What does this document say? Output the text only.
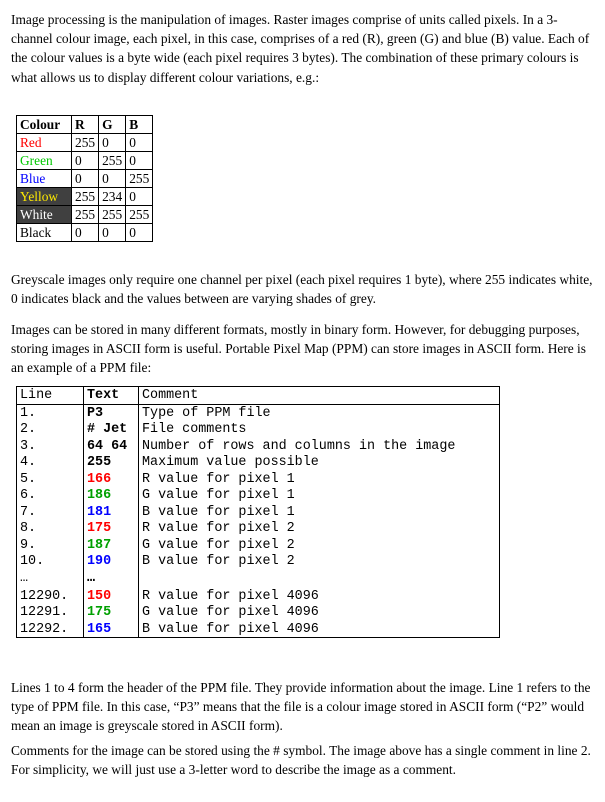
Image processing is the manipulation of images. Raster images comprise of units called pixels. In a 3-channel colour image, each pixel, in this case, comprises of a red (R), green (G) and blue (B) value. Each of the colour values is a byte wide (each pixel requires 3 bytes). The combination of these primary colours is what allows us to display different colour variations, e.g.:

Colour	R	G	B
Red	255	0	0
Green	0	255	0
Blue	0	0	255
Yellow	255	234	0
White	255	255	255
Black	0	0	0

Greyscale images only require one channel per pixel (each pixel requires 1 byte), where 255 indicates white, 0 indicates black and the values between are varying shades of grey.

Images can be stored in many different formats, mostly in binary form. However, for debugging purposes, storing images in ASCII form is useful. Portable Pixel Map (PPM) can store images in ASCII form. Here is an example of a PPM file:

Line	Text	Comment
1.	P3	Type of PPM file
2.	# Jet	File comments
3.	64 64	Number of rows and columns in the image
4.	255	Maximum value possible
5.	166	R value for pixel 1
6.	186	G value for pixel 1
7.	181	B value for pixel 1
8.	175	R value for pixel 2
9.	187	G value for pixel 2
10.	190	B value for pixel 2
…	…	
12290.	150	R value for pixel 4096
12291.	175	G value for pixel 4096
12292.	165	B value for pixel 4096

Lines 1 to 4 form the header of the PPM file. They provide information about the image. Line 1 refers to the type of PPM file. In this case, “P3” means that the file is a colour image stored in ASCII form (“P2” would mean an image is greyscale stored in ASCII form).

Comments for the image can be stored using the # symbol. The image above has a single comment in line 2. For simplicity, we will just use a 3-letter word to describe the image as a comment.
